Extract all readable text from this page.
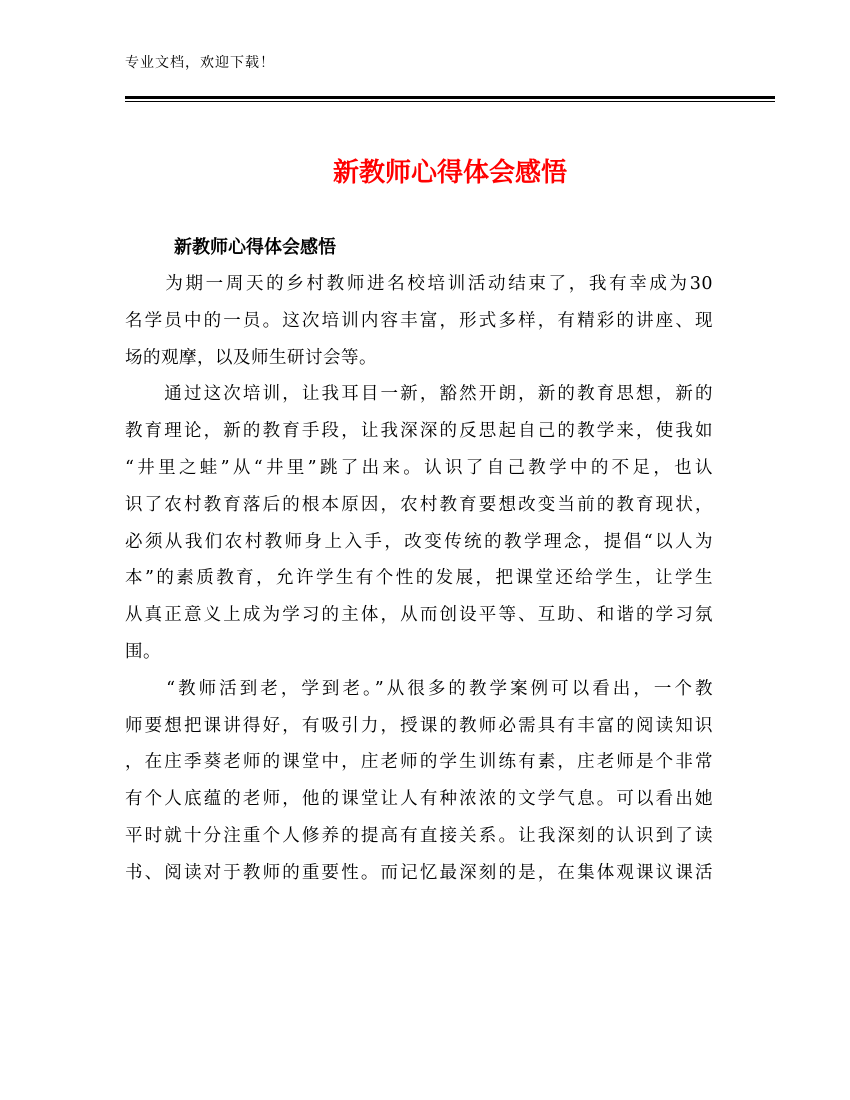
专业文档，欢迎下载！
新教师心得体会感悟

新教师心得体会感悟

　　为期一周天的乡村教师进名校培训活动结束了，我有幸成为30
名学员中的一员。这次培训内容丰富，形式多样，有精彩的讲座、现
场的观摩，以及师生研讨会等。
　　通过这次培训，让我耳目一新，豁然开朗，新的教育思想，新的
教育理论，新的教育手段，让我深深的反思起自己的教学来，使我如
“井里之蛙”从“井里”跳了出来。认识了自己教学中的不足，也认
识了农村教育落后的根本原因，农村教育要想改变当前的教育现状，
必须从我们农村教师身上入手，改变传统的教学理念，提倡“以人为
本”的素质教育，允许学生有个性的发展，把课堂还给学生，让学生
从真正意义上成为学习的主体，从而创设平等、互助、和谐的学习氛
围。
　　“教师活到老，学到老。”从很多的教学案例可以看出，一个教
师要想把课讲得好，有吸引力，授课的教师必需具有丰富的阅读知识
，在庄季葵老师的课堂中，庄老师的学生训练有素，庄老师是个非常
有个人底蕴的老师，他的课堂让人有种浓浓的文学气息。可以看出她
平时就十分注重个人修养的提高有直接关系。让我深刻的认识到了读
书、阅读对于教师的重要性。而记忆最深刻的是，在集体观课议课活
